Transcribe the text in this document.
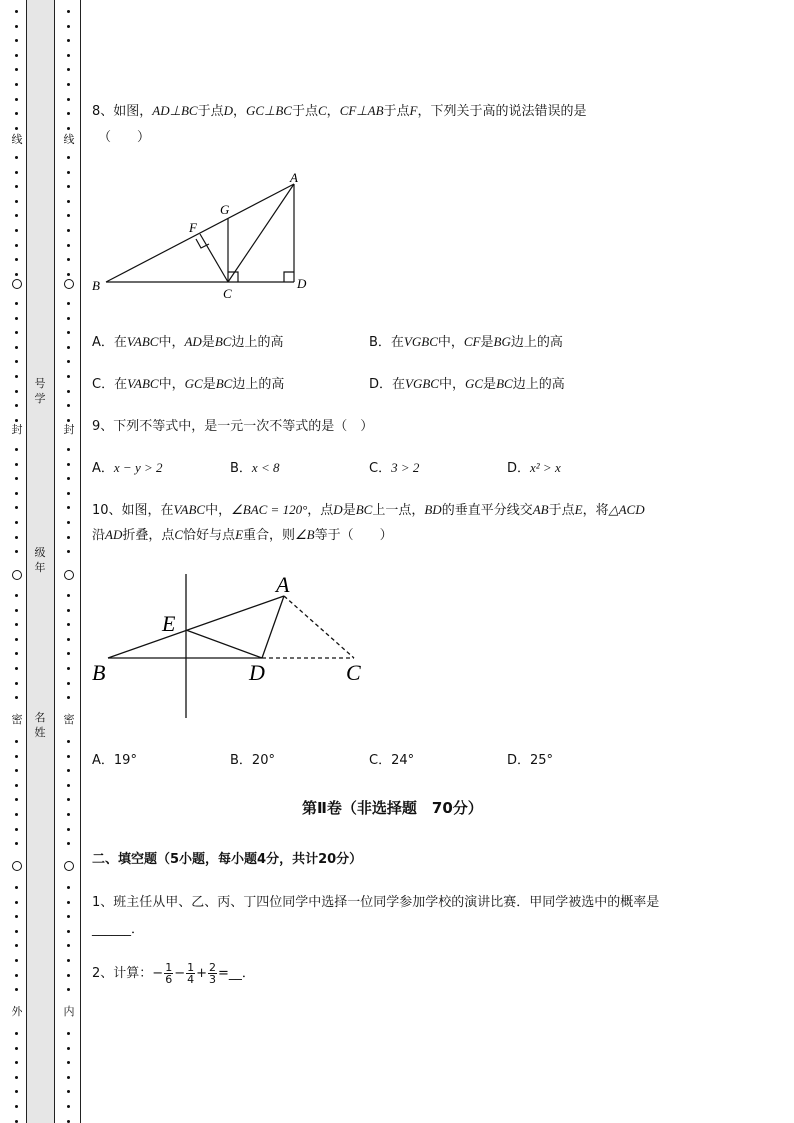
线
封
密
外
线
封
密
内
号学
级年
名姓
8、如图，AD⊥BC于点D，GC⊥BC于点C，CF⊥AB于点F，下列关于高的说法错误的是
（　　）
A
B
C
D
F
G
A．在VABC中，AD是BC边上的高	B．在VGBC中，CF是BG边上的高
C．在VABC中，GC是BC边上的高	D．在VGBC中，GC是BC边上的高
9、下列不等式中，是一元一次不等式的是（　）
A．x − y > 2	B．x < 8	C．3 > 2	D．x² > x
10、如图，在VABC中，∠BAC = 120°，点D是BC上一点，BD的垂直平分线交AB于点E，将△ACD
沿AD折叠，点C恰好与点E重合，则∠B等于（　　）
A
B	C
D
E
A．19°	B．20°	C．24°	D．25°
第Ⅱ卷（非选择题　70分）
二、填空题（5小题，每小题4分，共计20分）
1、班主任从甲、乙、丙、丁四位同学中选择一位同学参加学校的演讲比赛．甲同学被选中的概率是
______．
2、计算：− $\frac{1}{6} - \frac{1}{4} + \frac{2}{3}$ =__．
